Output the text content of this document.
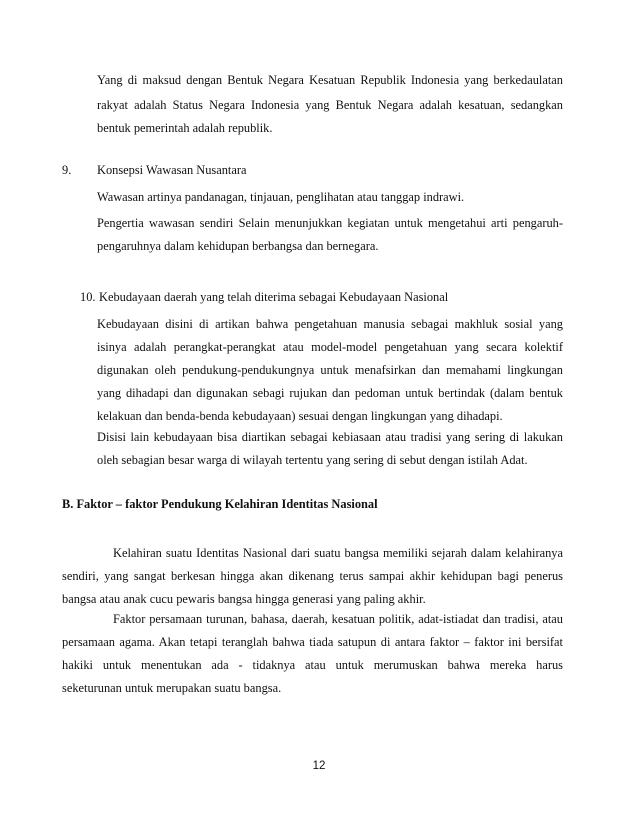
Yang di maksud dengan Bentuk Negara Kesatuan Republik Indonesia yang berkedaulatan
rakyat adalah Status Negara Indonesia yang Bentuk Negara adalah kesatuan, sedangkan
bentuk pemerintah adalah republik.
9. Konsepsi Wawasan Nusantara
Wawasan artinya pandanagan, tinjauan, penglihatan atau tanggap indrawi.
Pengertia wawasan sendiri Selain menunjukkan kegiatan untuk mengetahui arti pengaruh-
pengaruhnya dalam kehidupan berbangsa dan bernegara.
10. Kebudayaan daerah yang telah diterima sebagai Kebudayaan Nasional
Kebudayaan disini di artikan bahwa pengetahuan manusia sebagai makhluk sosial yang
isinya adalah perangkat-perangkat atau model-model pengetahuan yang secara kolektif
digunakan oleh pendukung-pendukungnya untuk menafsirkan dan memahami lingkungan
yang dihadapi dan digunakan sebagi rujukan dan pedoman untuk bertindak (dalam bentuk
kelakuan dan benda-benda kebudayaan) sesuai dengan lingkungan yang dihadapi.
Disisi lain kebudayaan bisa diartikan sebagai kebiasaan atau tradisi yang sering di lakukan
oleh sebagian besar warga di wilayah tertentu yang sering di sebut dengan istilah Adat.
B. Faktor – faktor Pendukung Kelahiran Identitas Nasional
Kelahiran suatu Identitas Nasional dari suatu bangsa memiliki sejarah dalam kelahiranya
sendiri, yang sangat berkesan hingga akan dikenang terus sampai akhir kehidupan bagi penerus
bangsa atau anak cucu pewaris bangsa hingga generasi yang paling akhir.
Faktor persamaan turunan, bahasa, daerah, kesatuan politik, adat-istiadat dan tradisi, atau
persamaan agama. Akan tetapi teranglah bahwa tiada satupun di antara faktor – faktor ini bersifat
hakiki untuk menentukan ada - tidaknya atau untuk merumuskan bahwa mereka harus
seketurunan untuk merupakan suatu bangsa.
12
